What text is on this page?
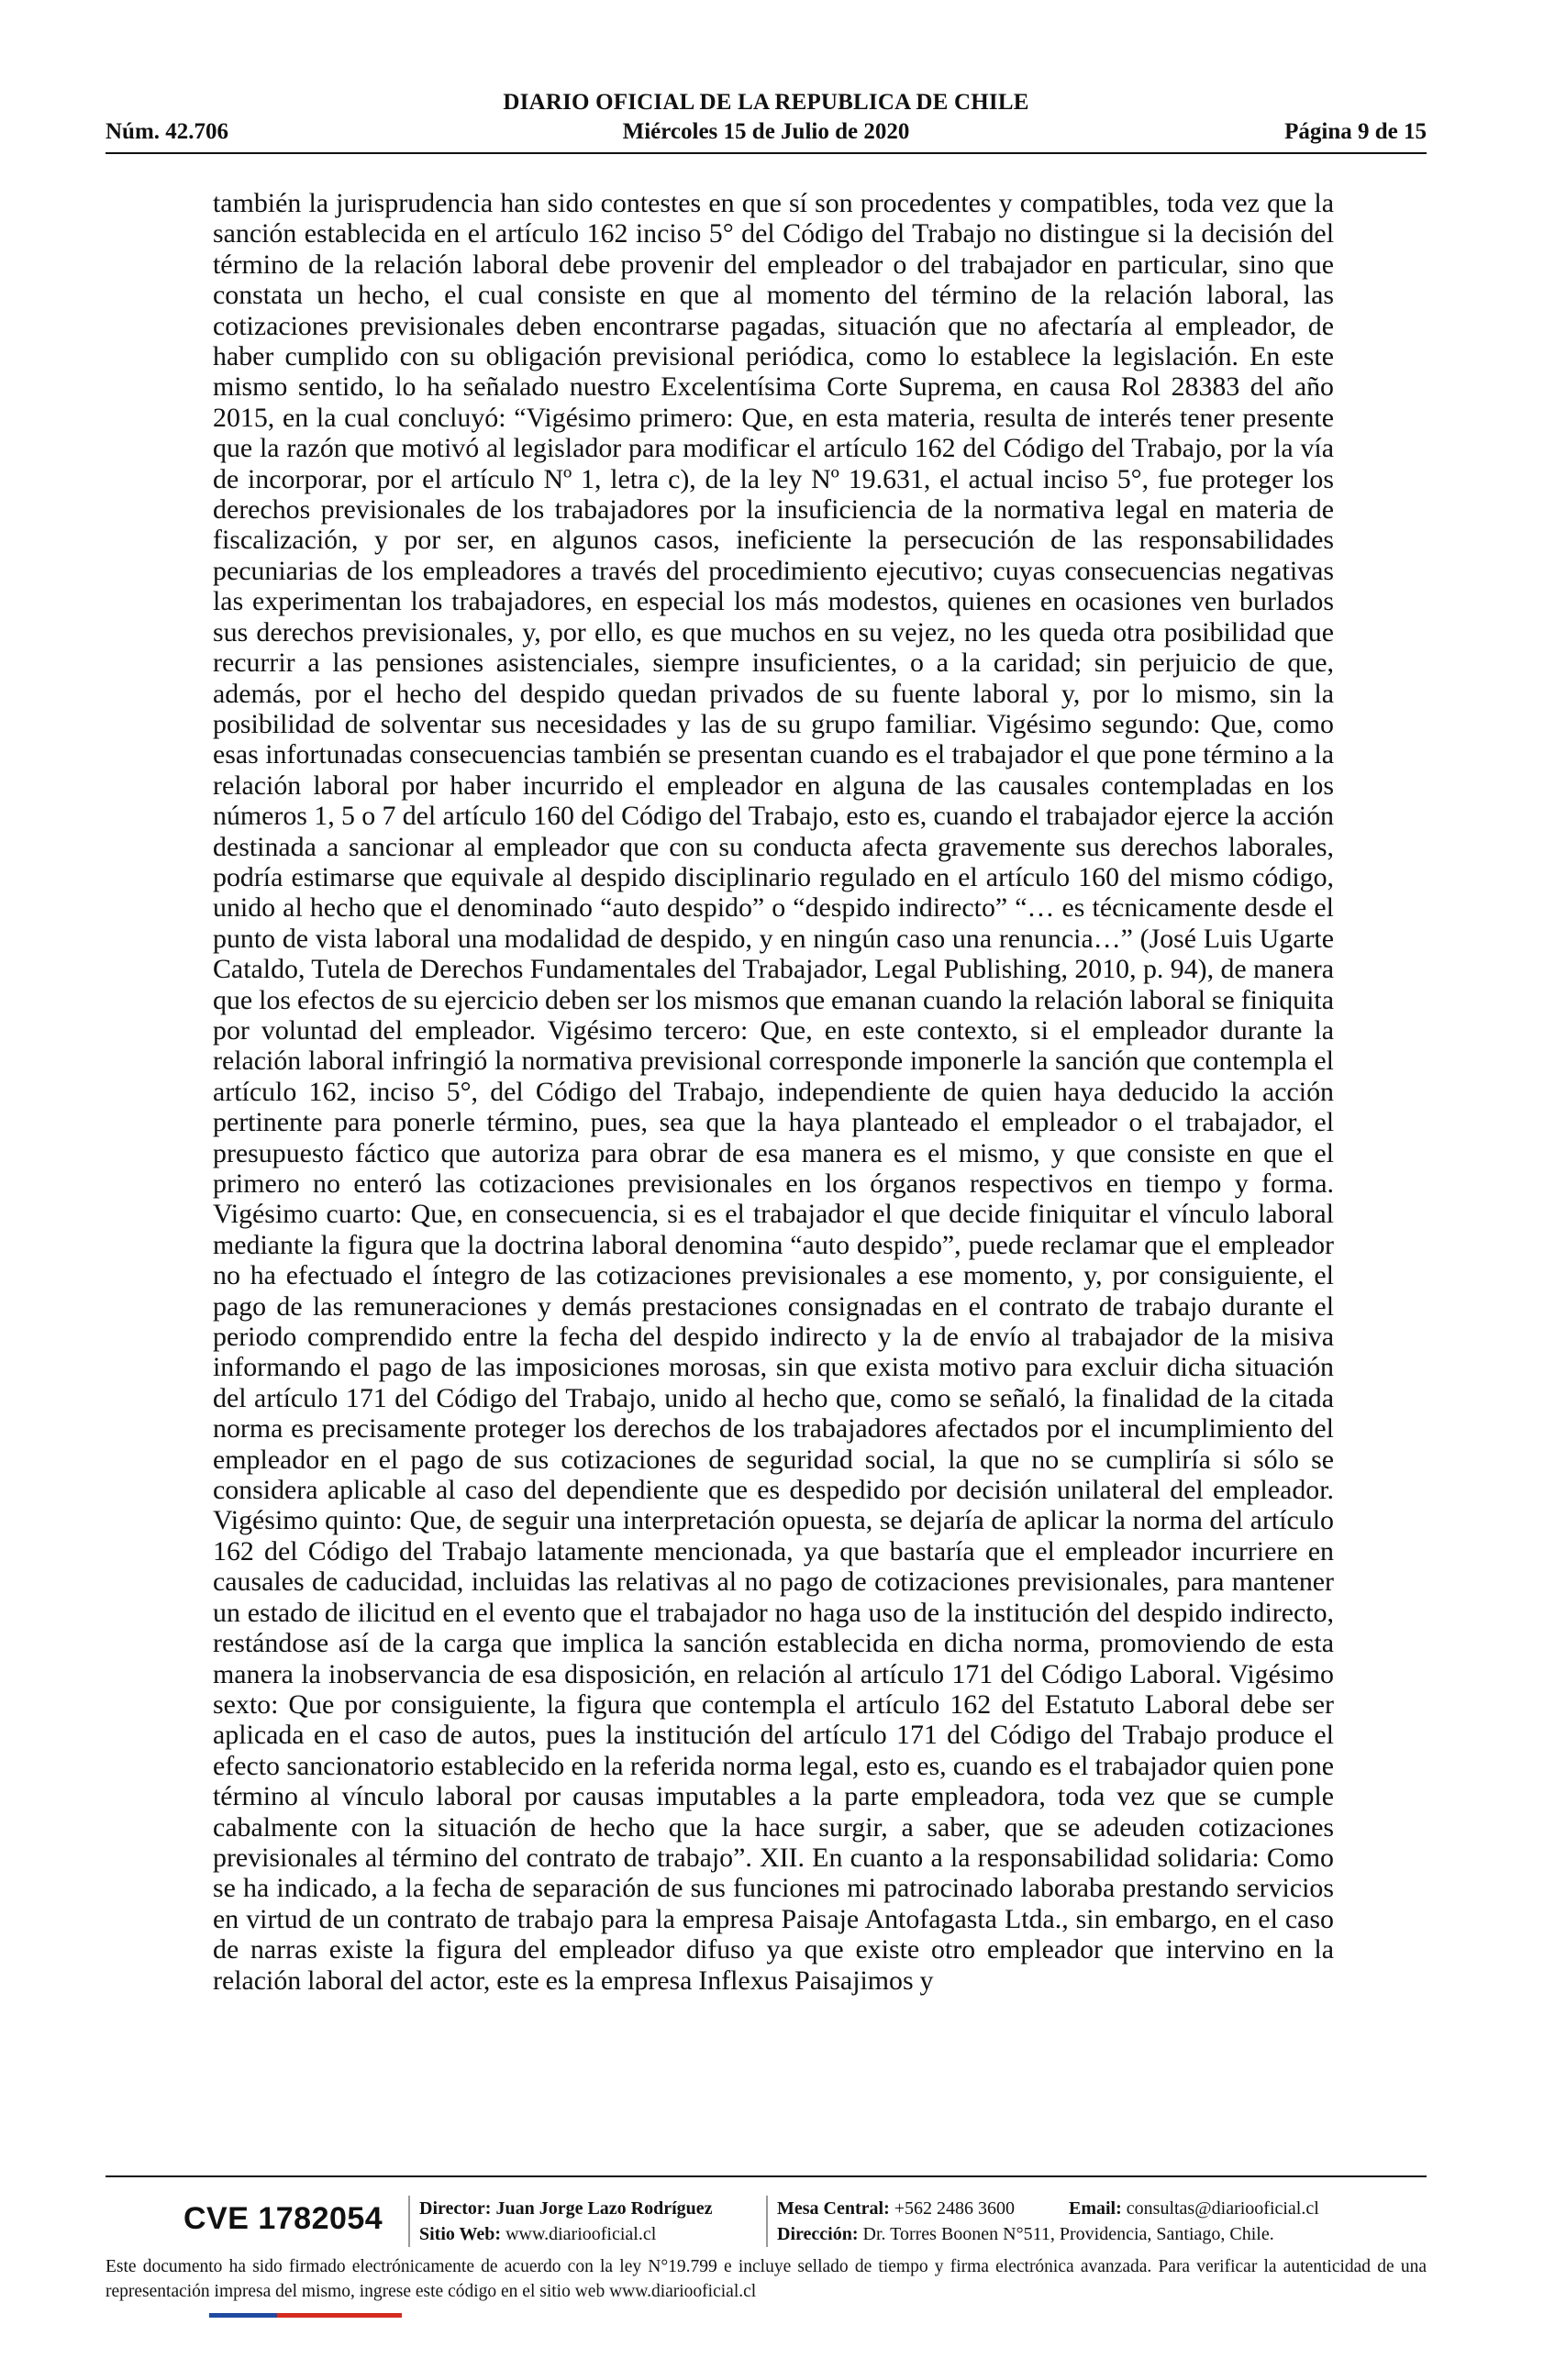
DIARIO OFICIAL DE LA REPUBLICA DE CHILE
Núm. 42.706	Miércoles 15 de Julio de 2020	Página 9 de 15

también la jurisprudencia han sido contestes en que sí son procedentes y compatibles, toda vez que la sanción establecida en el artículo 162 inciso 5° del Código del Trabajo no distingue si la decisión del término de la relación laboral debe provenir del empleador o del trabajador en particular, sino que constata un hecho, el cual consiste en que al momento del término de la relación laboral, las cotizaciones previsionales deben encontrarse pagadas, situación que no afectaría al empleador, de haber cumplido con su obligación previsional periódica, como lo establece la legislación. En este mismo sentido, lo ha señalado nuestro Excelentísima Corte Suprema, en causa Rol 28383 del año 2015, en la cual concluyó: “Vigésimo primero: Que, en esta materia, resulta de interés tener presente que la razón que motivó al legislador para modificar el artículo 162 del Código del Trabajo, por la vía de incorporar, por el artículo Nº 1, letra c), de la ley Nº 19.631, el actual inciso 5°, fue proteger los derechos previsionales de los trabajadores por la insuficiencia de la normativa legal en materia de fiscalización, y por ser, en algunos casos, ineficiente la persecución de las responsabilidades pecuniarias de los empleadores a través del procedimiento ejecutivo; cuyas consecuencias negativas las experimentan los trabajadores, en especial los más modestos, quienes en ocasiones ven burlados sus derechos previsionales, y, por ello, es que muchos en su vejez, no les queda otra posibilidad que recurrir a las pensiones asistenciales, siempre insuficientes, o a la caridad; sin perjuicio de que, además, por el hecho del despido quedan privados de su fuente laboral y, por lo mismo, sin la posibilidad de solventar sus necesidades y las de su grupo familiar. Vigésimo segundo: Que, como esas infortunadas consecuencias también se presentan cuando es el trabajador el que pone término a la relación laboral por haber incurrido el empleador en alguna de las causales contempladas en los números 1, 5 o 7 del artículo 160 del Código del Trabajo, esto es, cuando el trabajador ejerce la acción destinada a sancionar al empleador que con su conducta afecta gravemente sus derechos laborales, podría estimarse que equivale al despido disciplinario regulado en el artículo 160 del mismo código, unido al hecho que el denominado “auto despido” o “despido indirecto” “… es técnicamente desde el punto de vista laboral una modalidad de despido, y en ningún caso una renuncia…” (José Luis Ugarte Cataldo, Tutela de Derechos Fundamentales del Trabajador, Legal Publishing, 2010, p. 94), de manera que los efectos de su ejercicio deben ser los mismos que emanan cuando la relación laboral se finiquita por voluntad del empleador. Vigésimo tercero: Que, en este contexto, si el empleador durante la relación laboral infringió la normativa previsional corresponde imponerle la sanción que contempla el artículo 162, inciso 5°, del Código del Trabajo, independiente de quien haya deducido la acción pertinente para ponerle término, pues, sea que la haya planteado el empleador o el trabajador, el presupuesto fáctico que autoriza para obrar de esa manera es el mismo, y que consiste en que el primero no enteró las cotizaciones previsionales en los órganos respectivos en tiempo y forma. Vigésimo cuarto: Que, en consecuencia, si es el trabajador el que decide finiquitar el vínculo laboral mediante la figura que la doctrina laboral denomina “auto despido”, puede reclamar que el empleador no ha efectuado el íntegro de las cotizaciones previsionales a ese momento, y, por consiguiente, el pago de las remuneraciones y demás prestaciones consignadas en el contrato de trabajo durante el periodo comprendido entre la fecha del despido indirecto y la de envío al trabajador de la misiva informando el pago de las imposiciones morosas, sin que exista motivo para excluir dicha situación del artículo 171 del Código del Trabajo, unido al hecho que, como se señaló, la finalidad de la citada norma es precisamente proteger los derechos de los trabajadores afectados por el incumplimiento del empleador en el pago de sus cotizaciones de seguridad social, la que no se cumpliría si sólo se considera aplicable al caso del dependiente que es despedido por decisión unilateral del empleador. Vigésimo quinto: Que, de seguir una interpretación opuesta, se dejaría de aplicar la norma del artículo 162 del Código del Trabajo latamente mencionada, ya que bastaría que el empleador incurriere en causales de caducidad, incluidas las relativas al no pago de cotizaciones previsionales, para mantener un estado de ilicitud en el evento que el trabajador no haga uso de la institución del despido indirecto, restándose así de la carga que implica la sanción establecida en dicha norma, promoviendo de esta manera la inobservancia de esa disposición, en relación al artículo 171 del Código Laboral. Vigésimo sexto: Que por consiguiente, la figura que contempla el artículo 162 del Estatuto Laboral debe ser aplicada en el caso de autos, pues la institución del artículo 171 del Código del Trabajo produce el efecto sancionatorio establecido en la referida norma legal, esto es, cuando es el trabajador quien pone término al vínculo laboral por causas imputables a la parte empleadora, toda vez que se cumple cabalmente con la situación de hecho que la hace surgir, a saber, que se adeuden cotizaciones previsionales al término del contrato de trabajo”. XII. En cuanto a la responsabilidad solidaria: Como se ha indicado, a la fecha de separación de sus funciones mi patrocinado laboraba prestando servicios en virtud de un contrato de trabajo para la empresa Paisaje Antofagasta Ltda., sin embargo, en el caso de narras existe la figura del empleador difuso ya que existe otro empleador que intervino en la relación laboral del actor, este es la empresa Inflexus Paisajimos y

CVE 1782054 Director: Juan Jorge Lazo Rodríguez
Sitio Web: www.diariooficial.cl
Mesa Central: +562 2486 3600
Dirección: Dr. Torres Boonen N°511, Providencia, Santiago, Chile.
Email: consultas@diariooficial.cl
Este documento ha sido firmado electrónicamente de acuerdo con la ley N°19.799 e incluye sellado de tiempo y firma electrónica avanzada. Para verificar la autenticidad de una representación impresa del mismo, ingrese este código en el sitio web www.diariooficial.cl
